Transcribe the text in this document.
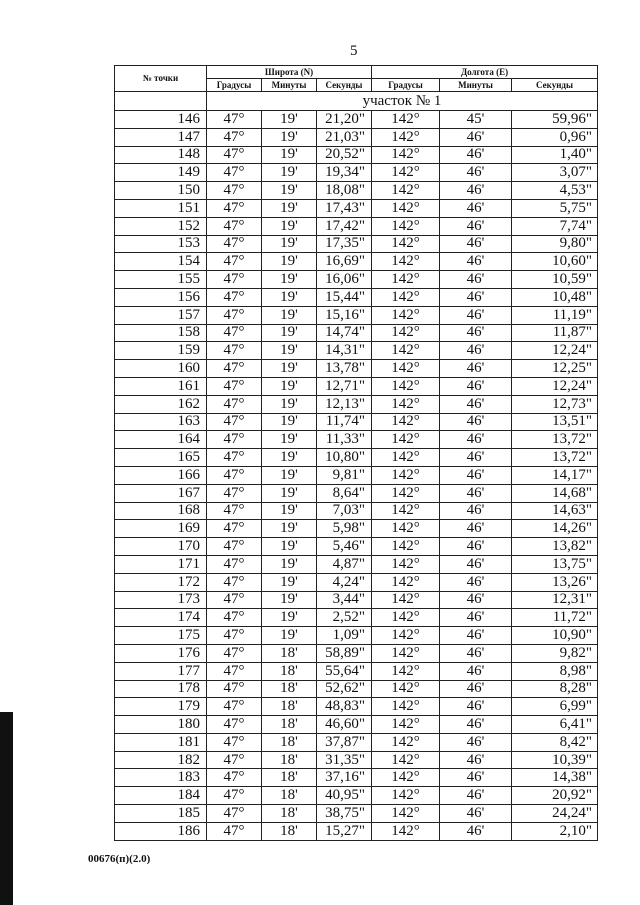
5
№ точки	Широта (N)			Долгота (E)		
	Градусы	Минуты	Секунды	Градусы	Минуты	Секунды
	участок № 1					
146	47°	19'	21,20"	142°	45'	59,96"
147	47°	19'	21,03"	142°	46'	0,96"
148	47°	19'	20,52"	142°	46'	1,40"
149	47°	19'	19,34"	142°	46'	3,07"
150	47°	19'	18,08"	142°	46'	4,53"
151	47°	19'	17,43"	142°	46'	5,75"
152	47°	19'	17,42"	142°	46'	7,74"
153	47°	19'	17,35"	142°	46'	9,80"
154	47°	19'	16,69"	142°	46'	10,60"
155	47°	19'	16,06"	142°	46'	10,59"
156	47°	19'	15,44"	142°	46'	10,48"
157	47°	19'	15,16"	142°	46'	11,19"
158	47°	19'	14,74"	142°	46'	11,87"
159	47°	19'	14,31"	142°	46'	12,24"
160	47°	19'	13,78"	142°	46'	12,25"
161	47°	19'	12,71"	142°	46'	12,24"
162	47°	19'	12,13"	142°	46'	12,73"
163	47°	19'	11,74"	142°	46'	13,51"
164	47°	19'	11,33"	142°	46'	13,72"
165	47°	19'	10,80"	142°	46'	13,72"
166	47°	19'	9,81"	142°	46'	14,17"
167	47°	19'	8,64"	142°	46'	14,68"
168	47°	19'	7,03"	142°	46'	14,63"
169	47°	19'	5,98"	142°	46'	14,26"
170	47°	19'	5,46"	142°	46'	13,82"
171	47°	19'	4,87"	142°	46'	13,75"
172	47°	19'	4,24"	142°	46'	13,26"
173	47°	19'	3,44"	142°	46'	12,31"
174	47°	19'	2,52"	142°	46'	11,72"
175	47°	19'	1,09"	142°	46'	10,90"
176	47°	18'	58,89"	142°	46'	9,82"
177	47°	18'	55,64"	142°	46'	8,98"
178	47°	18'	52,62"	142°	46'	8,28"
179	47°	18'	48,83"	142°	46'	6,99"
180	47°	18'	46,60"	142°	46'	6,41"
181	47°	18'	37,87"	142°	46'	8,42"
182	47°	18'	31,35"	142°	46'	10,39"
183	47°	18'	37,16"	142°	46'	14,38"
184	47°	18'	40,95"	142°	46'	20,92"
185	47°	18'	38,75"	142°	46'	24,24"
186	47°	18'	15,27"	142°	46'	2,10"
00676(п)(2.0)
